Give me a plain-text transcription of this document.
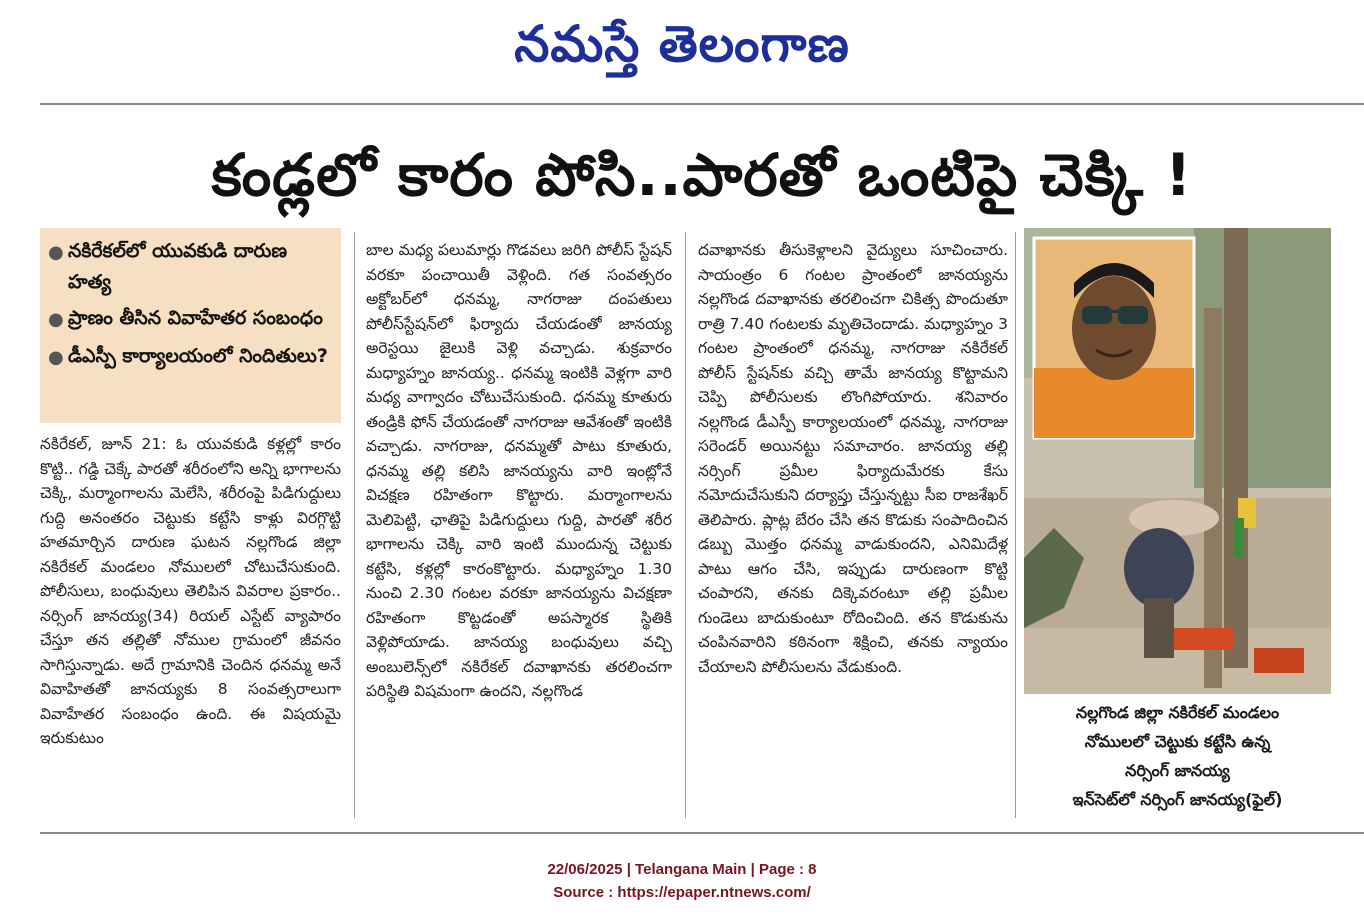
నమస్తే తెలంగాణ
కండ్లలో కారం పోసి..పారతో ఒంటిపై చెక్కి !
● నకిరేకల్‌లో యువకుడి దారుణ హత్య
● ప్రాణం తీసిన వివాహేతర సంబంధం
● డీఎస్పీ కార్యాలయంలో నిందితులు?
నకిరేకల్, జూన్ 21: ఓ యువకుడి కళ్లల్లో కారం కొట్టి.. గడ్డి చెక్కే పారతో శరీరంలోని అన్ని భాగాలను చెక్కి, మర్మాంగాలను మెలేసి, శరీరంపై పిడిగుద్దులు గుద్ది అనంతరం చెట్టుకు కట్టేసి కాళ్లు విరగ్గొట్టి హతమార్చిన దారుణ ఘటన నల్లగొండ జిల్లా నకిరేకల్ మండలం నోములలో చోటుచేసుకుంది. పోలీసులు, బంధువులు తెలిపిన వివరాల ప్రకారం.. నర్సింగ్ జానయ్య(34) రియల్ ఎస్టేట్ వ్యాపారం చేస్తూ తన తల్లితో నోముల గ్రామంలో జీవనం సాగిస్తున్నాడు. అదే గ్రామానికి చెందిన ధనమ్మ అనే వివాహితతో జానయ్యకు 8 సంవత్సరాలుగా వివాహేతర సంబంధం ఉంది. ఈ విషయమై ఇరుకుటుం
బాల మధ్య పలుమార్లు గొడవలు జరిగి పోలీస్ స్టేషన్ వరకూ పంచాయితీ వెళ్లింది. గత సంవత్సరం అక్టోబర్‌లో ధనమ్మ, నాగరాజు దంపతులు పోలీస్‌స్టేషన్‌లో ఫిర్యాదు చేయడంతో జానయ్య అరెస్టయి జైలుకి వెళ్లి వచ్చాడు. శుక్రవారం మధ్యాహ్నం జానయ్య.. ధనమ్మ ఇంటికి వెళ్లగా వారి మధ్య వాగ్వాదం చోటుచేసుకుంది. ధనమ్మ కూతురు తండ్రికి ఫోన్ చేయడంతో నాగరాజు ఆవేశంతో ఇంటికి వచ్చాడు. నాగరాజు, ధనమ్మతో పాటు కూతురు, ధనమ్మ తల్లి కలిసి జానయ్యను వారి ఇంట్లోనే విచక్షణ రహితంగా కొట్టారు. మర్మాంగాలను మెలిపెట్టి, ఛాతిపై పిడిగుద్దులు గుద్ది, పారతో శరీర భాగాలను చెక్కి వారి ఇంటి ముందున్న చెట్టుకు కట్టేసి, కళ్లల్లో కారంకొట్టారు. మధ్యాహ్నం 1.30 నుంచి 2.30 గంటల వరకూ జానయ్యను విచక్షణా రహితంగా కొట్టడంతో అపస్మారక స్థితికి వెళ్లిపోయాడు. జానయ్య బంధువులు వచ్చి అంబులెన్స్‌లో నకిరేకల్ దవాఖానకు తరలించగా పరిస్థితి విషమంగా ఉందని, నల్లగొండ
దవాఖానకు తీసుకెళ్లాలని వైద్యులు సూచించారు. సాయంత్రం 6 గంటల ప్రాంతంలో జానయ్యను నల్లగొండ దవాఖానకు తరలించగా చికిత్స పొందుతూ రాత్రి 7.40 గంటలకు మృతిచెందాడు. మధ్యాహ్నం 3 గంటల ప్రాంతంలో ధనమ్మ, నాగరాజు నకిరేకల్ పోలీస్ స్టేషన్‌కు వచ్చి తామే జానయ్య కొట్టామని చెప్పి పోలీసులకు లొంగిపోయారు. శనివారం నల్లగొండ డీఎస్పీ కార్యాలయంలో ధనమ్మ, నాగరాజు సరెండర్ అయినట్టు సమాచారం. జానయ్య తల్లి నర్సింగ్ ప్రమీల ఫిర్యాదుమేరకు కేసు నమోదుచేసుకుని దర్యాప్తు చేస్తున్నట్టు సీఐ రాజశేఖర్ తెలిపారు. ప్లాట్ల బేరం చేసి తన కొడుకు సంపాదించిన డబ్బు మొత్తం ధనమ్మ వాడుకుందని, ఎనిమిదేళ్ల పాటు ఆగం చేసి, ఇప్పుడు దారుణంగా కొట్టి చంపారని, తనకు దిక్కెవరంటూ తల్లి ప్రమీల గుండెలు బాదుకుంటూ రోదించింది. తన కొడుకును చంపినవారిని కఠినంగా శిక్షించి, తనకు న్యాయం చేయాలని పోలీసులను వేడుకుంది.
నల్లగొండ జిల్లా నకిరేకల్ మండలం
నోములలో చెట్టుకు కట్టేసి ఉన్న
నర్సింగ్ జానయ్య
ఇన్‌సెట్‌లో నర్సింగ్ జానయ్య(ఫైల్)
22/06/2025 | Telangana Main | Page : 8
Source : https://epaper.ntnews.com/
